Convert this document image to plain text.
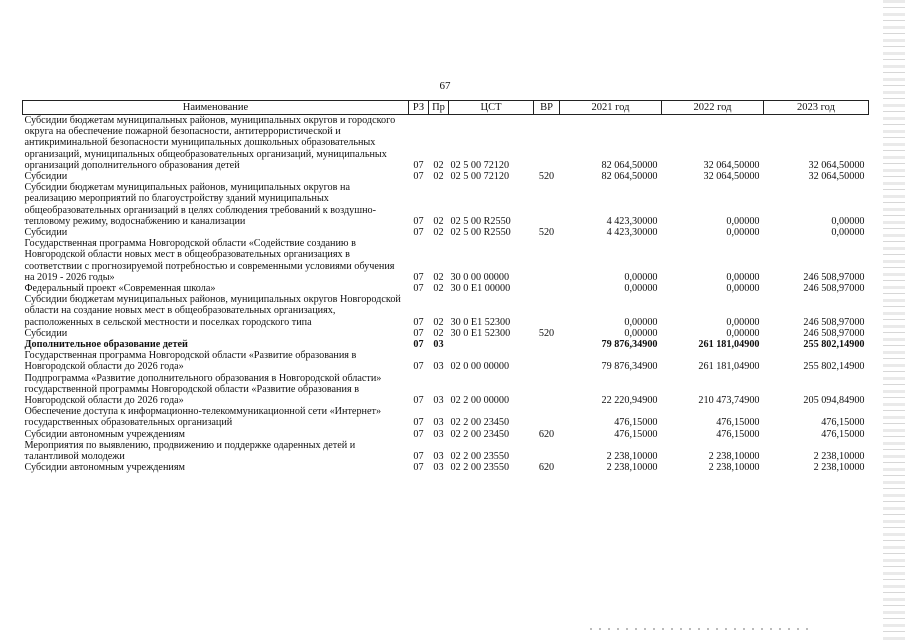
67
Наименование	РЗ	Пр	ЦСТ	ВР	2021 год	2022 год	2023 год
Субсидии бюджетам муниципальных районов, муниципальных округов и городского округа на обеспечение пожарной безопасности, антитеррористической и антикриминальной безопасности муниципальных дошкольных образовательных организаций, муниципальных общеобразовательных организаций, муниципальных организаций дополнительного образования детей	07	02	02 5 00 72120		82 064,50000	32 064,50000	32 064,50000
Субсидии	07	02	02 5 00 72120	520	82 064,50000	32 064,50000	32 064,50000
Субсидии бюджетам муниципальных районов, муниципальных округов на реализацию мероприятий по благоустройству зданий муниципальных общеобразовательных организаций в целях соблюдения требований к воздушно-тепловому режиму, водоснабжению и канализации	07	02	02 5 00 R2550		4 423,30000	0,00000	0,00000
Субсидии	07	02	02 5 00 R2550	520	4 423,30000	0,00000	0,00000
Государственная программа Новгородской области «Содействие созданию в Новгородской области новых мест в общеобразовательных организациях в соответствии с прогнозируемой потребностью и современными условиями обучения на 2019 - 2026 годы»	07	02	30 0 00 00000		0,00000	0,00000	246 508,97000
Федеральный проект «Современная школа»	07	02	30 0 E1 00000		0,00000	0,00000	246 508,97000
Субсидии бюджетам муниципальных районов, муниципальных округов Новгородской области на создание новых мест в общеобразовательных организациях, расположенных в сельской местности и поселках городского типа	07	02	30 0 E1 52300		0,00000	0,00000	246 508,97000
Субсидии	07	02	30 0 E1 52300	520	0,00000	0,00000	246 508,97000
Дополнительное образование детей	07	03			79 876,34900	261 181,04900	255 802,14900
Государственная программа Новгородской области «Развитие образования в Новгородской области до 2026 года»	07	03	02 0 00 00000		79 876,34900	261 181,04900	255 802,14900
Подпрограмма «Развитие дополнительного образования в Новгородской области» государственной программы Новгородской области «Развитие образования в Новгородской области до 2026 года»	07	03	02 2 00 00000		22 220,94900	210 473,74900	205 094,84900
Обеспечение доступа к информационно-телекоммуникационной сети «Интернет» государственных образовательных организаций	07	03	02 2 00 23450		476,15000	476,15000	476,15000
Субсидии автономным учреждениям	07	03	02 2 00 23450	620	476,15000	476,15000	476,15000
Мероприятия по выявлению, продвижению и поддержке одаренных детей и талантливой молодежи	07	03	02 2 00 23550		2 238,10000	2 238,10000	2 238,10000
Субсидии автономным учреждениям	07	03	02 2 00 23550	620	2 238,10000	2 238,10000	2 238,10000
